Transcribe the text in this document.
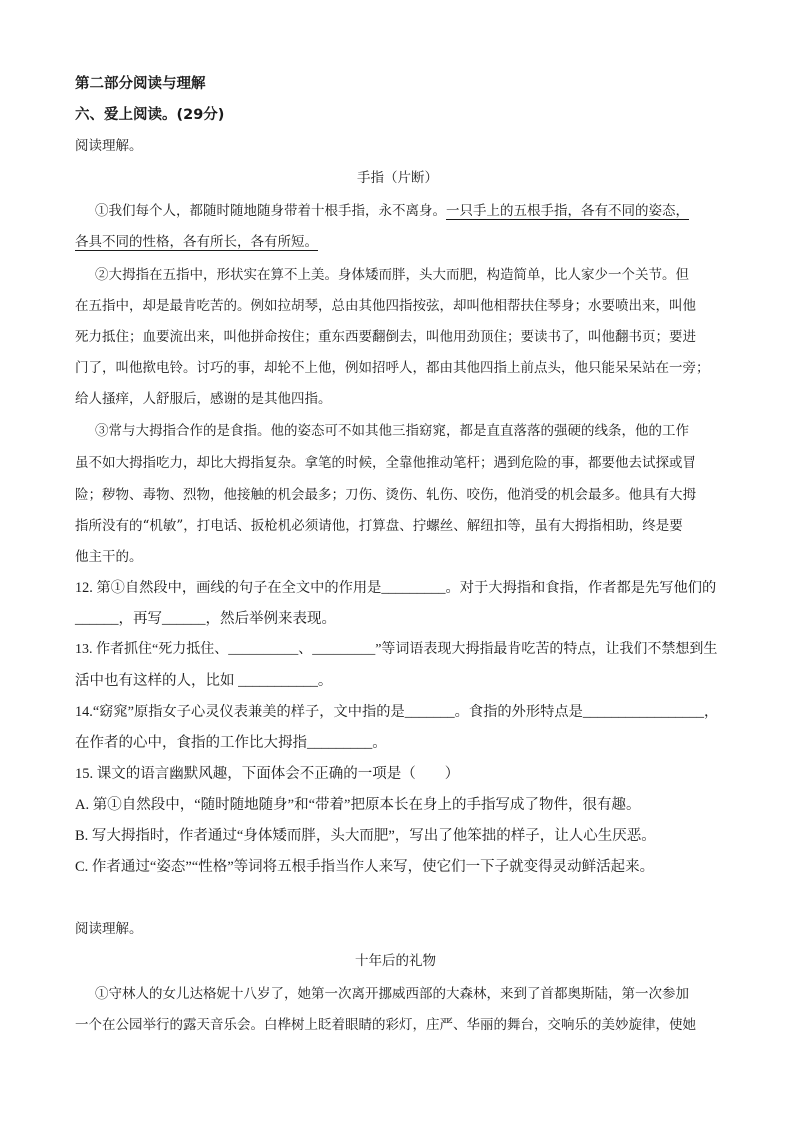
第二部分阅读与理解
六、爱上阅读。(29分)
阅读理解。
手指（片断）
①我们每个人，都随时随地随身带着十根手指，永不离身。一只手上的五根手指，各有不同的姿态，
各具不同的性格，各有所长，各有所短。
②大拇指在五指中，形状实在算不上美。身体矮而胖，头大而肥，构造简单，比人家少一个关节。但
在五指中，却是最肯吃苦的。例如拉胡琴，总由其他四指按弦，却叫他相帮扶住琴身；水要喷出来，叫他
死力抵住；血要流出来，叫他拼命按住；重东西要翻倒去，叫他用劲顶住；要读书了，叫他翻书页；要进
门了，叫他揿电铃。讨巧的事，却轮不上他，例如招呼人，都由其他四指上前点头，他只能呆呆站在一旁；
给人搔痒，人舒服后，感谢的是其他四指。
③常与大拇指合作的是食指。他的姿态可不如其他三指窈窕，都是直直落落的强硬的线条，他的工作
虽不如大拇指吃力，却比大拇指复杂。拿笔的时候，全靠他推动笔杆；遇到危险的事，都要他去试探或冒
险；秽物、毒物、烈物，他接触的机会最多；刀伤、烫伤、轧伤、咬伤，他消受的机会最多。他具有大拇
指所没有的“机敏”，打电话、扳枪机必须请他，打算盘、拧螺丝、解纽扣等，虽有大拇指相助，终是要
他主干的。
12. 第①自然段中，画线的句子在全文中的作用是_________。对于大拇指和食指，作者都是先写他们的
______，再写______，然后举例来表现。
13. 作者抓住“死力抵住、__________、_________”等词语表现大拇指最肯吃苦的特点，让我们不禁想到生
活中也有这样的人，比如 ___________。
14.“窈窕”原指女子心灵仪表兼美的样子，文中指的是_______。食指的外形特点是_________________，
在作者的心中，食指的工作比大拇指_________。
15. 课文的语言幽默风趣，下面体会不正确的一项是（　　）
A. 第①自然段中，“随时随地随身”和“带着”把原本长在身上的手指写成了物件，很有趣。
B. 写大拇指时，作者通过“身体矮而胖，头大而肥”，写出了他笨拙的样子，让人心生厌恶。
C. 作者通过“姿态”“性格”等词将五根手指当作人来写，使它们一下子就变得灵动鲜活起来。
阅读理解。
十年后的礼物
①守林人的女儿达格妮十八岁了，她第一次离开挪威西部的大森林，来到了首都奥斯陆，第一次参加
一个在公园举行的露天音乐会。白桦树上眨着眼睛的彩灯，庄严、华丽的舞台，交响乐的美妙旋律，使她
